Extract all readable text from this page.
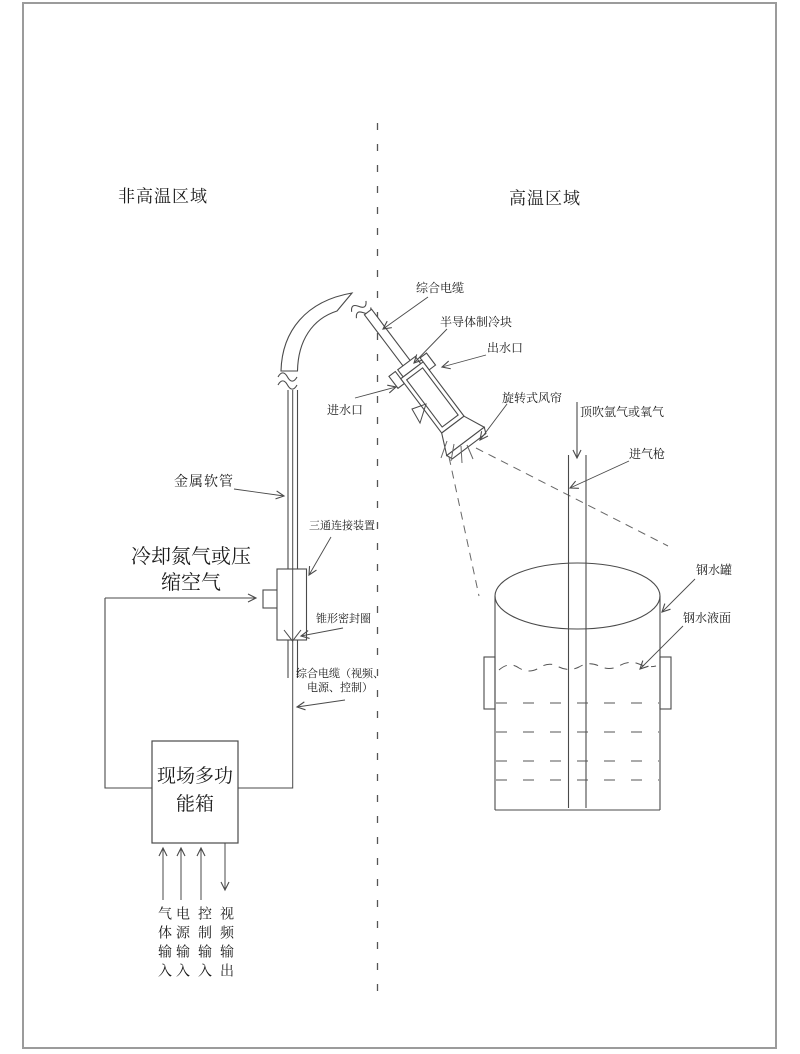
非高温区域	高温区域
综合电缆
半导体制冷块
出水口
进水口
旋转式风帘
顶吹氩气或氧气
进气枪
金属软管
三通连接装置
冷却氮气或压
缩空气
锥形密封圈
综合电缆（视频、
电源、控制）
钢水罐
钢水液面
现场多功
能箱
气体输入 电源输入 控制输入 视频输出
